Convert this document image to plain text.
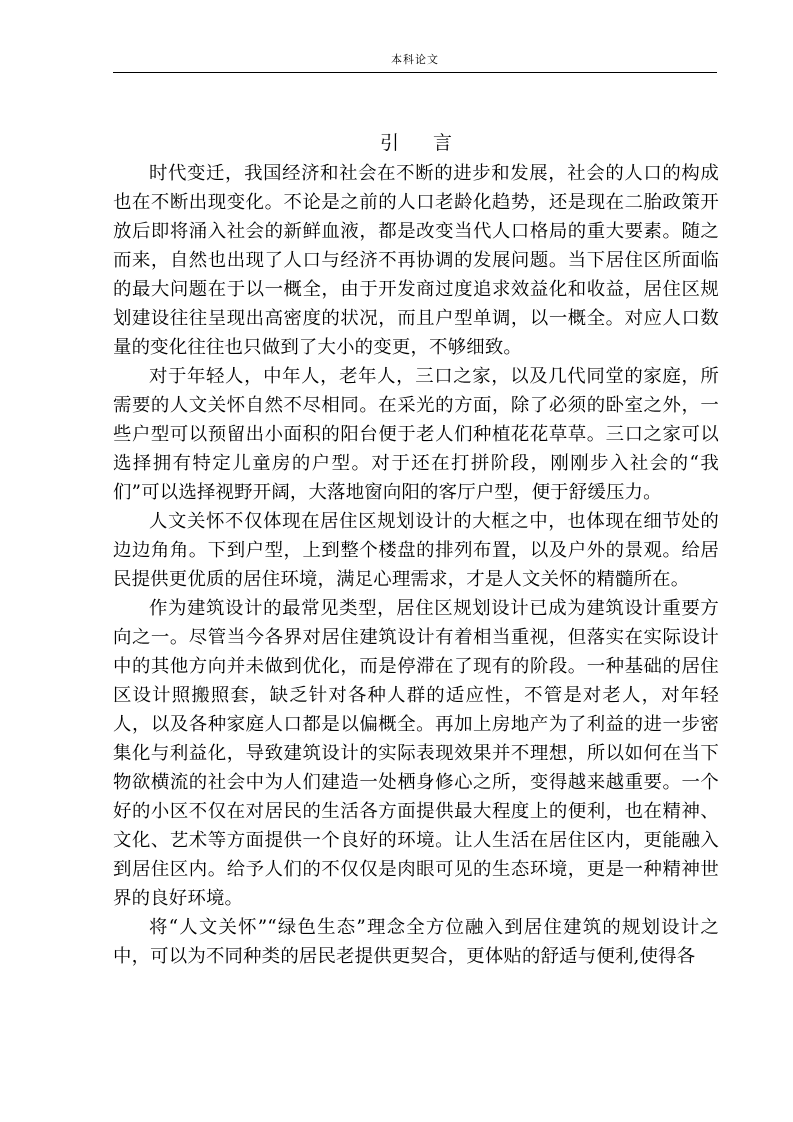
本科论文
引言

时代变迁，我国经济和社会在不断的进步和发展，社会的人口的构成也在不断出现变化。不论是之前的人口老龄化趋势，还是现在二胎政策开放后即将涌入社会的新鲜血液，都是改变当代人口格局的重大要素。随之而来，自然也出现了人口与经济不再协调的发展问题。当下居住区所面临的最大问题在于以一概全，由于开发商过度追求效益化和收益，居住区规划建设往往呈现出高密度的状况，而且户型单调，以一概全。对应人口数量的变化往往也只做到了大小的变更，不够细致。

对于年轻人，中年人，老年人，三口之家，以及几代同堂的家庭，所需要的人文关怀自然不尽相同。在采光的方面，除了必须的卧室之外，一些户型可以预留出小面积的阳台便于老人们种植花花草草。三口之家可以选择拥有特定儿童房的户型。对于还在打拼阶段，刚刚步入社会的“我们”可以选择视野开阔，大落地窗向阳的客厅户型，便于舒缓压力。

人文关怀不仅体现在居住区规划设计的大框之中，也体现在细节处的边边角角。下到户型，上到整个楼盘的排列布置，以及户外的景观。给居民提供更优质的居住环境，满足心理需求，才是人文关怀的精髓所在。

作为建筑设计的最常见类型，居住区规划设计已成为建筑设计重要方向之一。尽管当今各界对居住建筑设计有着相当重视，但落实在实际设计中的其他方向并未做到优化，而是停滞在了现有的阶段。一种基础的居住区设计照搬照套，缺乏针对各种人群的适应性，不管是对老人，对年轻人，以及各种家庭人口都是以偏概全。再加上房地产为了利益的进一步密集化与利益化，导致建筑设计的实际表现效果并不理想，所以如何在当下物欲横流的社会中为人们建造一处栖身修心之所，变得越来越重要。一个好的小区不仅在对居民的生活各方面提供最大程度上的便利，也在精神、文化、艺术等方面提供一个良好的环境。让人生活在居住区内，更能融入到居住区内。给予人们的不仅仅是肉眼可见的生态环境，更是一种精神世界的良好环境。

将“人文关怀”“绿色生态”理念全方位融入到居住建筑的规划设计之中，可以为不同种类的居民老提供更契合，更体贴的舒适与便利,使得各
